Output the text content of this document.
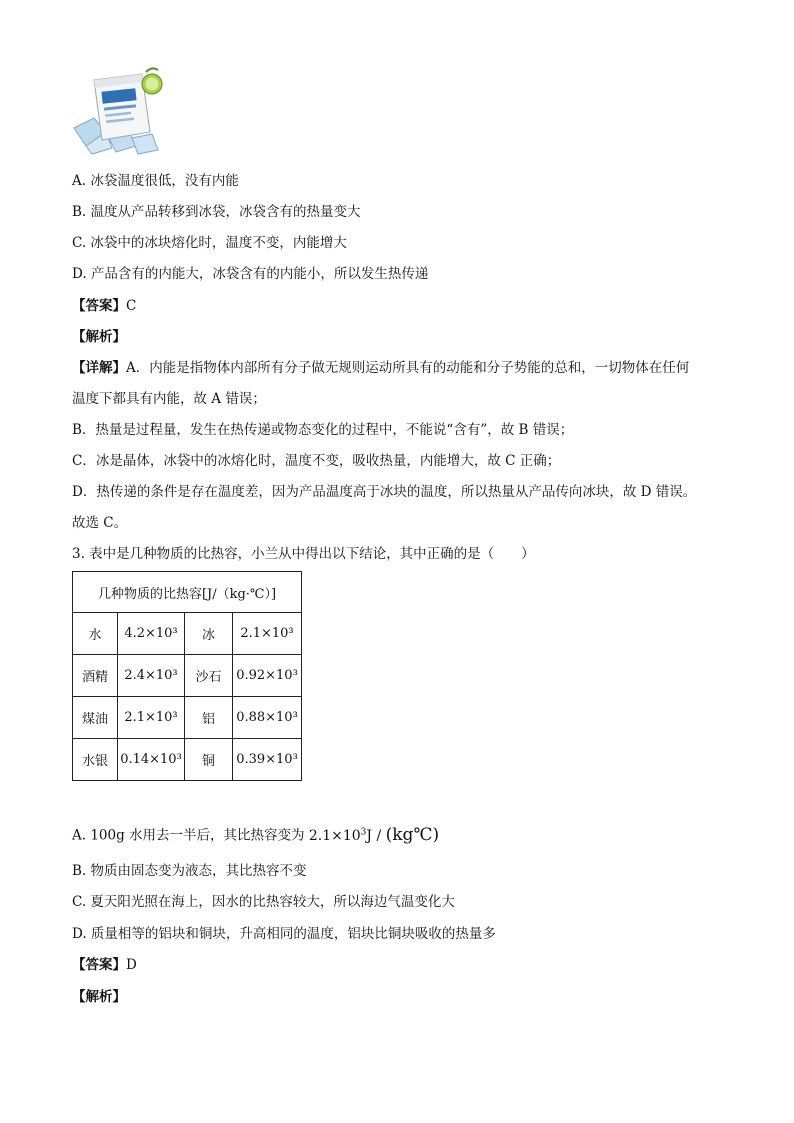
A. 冰袋温度很低，没有内能
B. 温度从产品转移到冰袋，冰袋含有的热量变大
C. 冰袋中的冰块熔化时，温度不变，内能增大
D. 产品含有的内能大，冰袋含有的内能小，所以发生热传递
【答案】C
【解析】
【详解】A．内能是指物体内部所有分子做无规则运动所具有的动能和分子势能的总和，一切物体在任何
温度下都具有内能，故 A 错误；
B．热量是过程量，发生在热传递或物态变化的过程中，不能说“含有”，故 B 错误；
C．冰是晶体，冰袋中的冰熔化时，温度不变，吸收热量，内能增大，故 C 正确；
D．热传递的条件是存在温度差，因为产品温度高于冰块的温度，所以热量从产品传向冰块，故 D 错误。
故选 C。
3. 表中是几种物质的比热容，小兰从中得出以下结论，其中正确的是（　　）
几种物质的比热容[J/（kg·℃）]			
水	4.2×10³	冰	2.1×10³
酒精	2.4×10³	沙石	0.92×10³
煤油	2.1×10³	铝	0.88×10³
水银	0.14×10³	铜	0.39×10³
A. 100g 水用去一半后，其比热容变为 $2.1\times 10^3J$ / (kg℃)
B. 物质由固态变为液态，其比热容不变
C. 夏天阳光照在海上，因水的比热容较大，所以海边气温变化大
D. 质量相等的铝块和铜块，升高相同的温度，铝块比铜块吸收的热量多
【答案】D
【解析】
